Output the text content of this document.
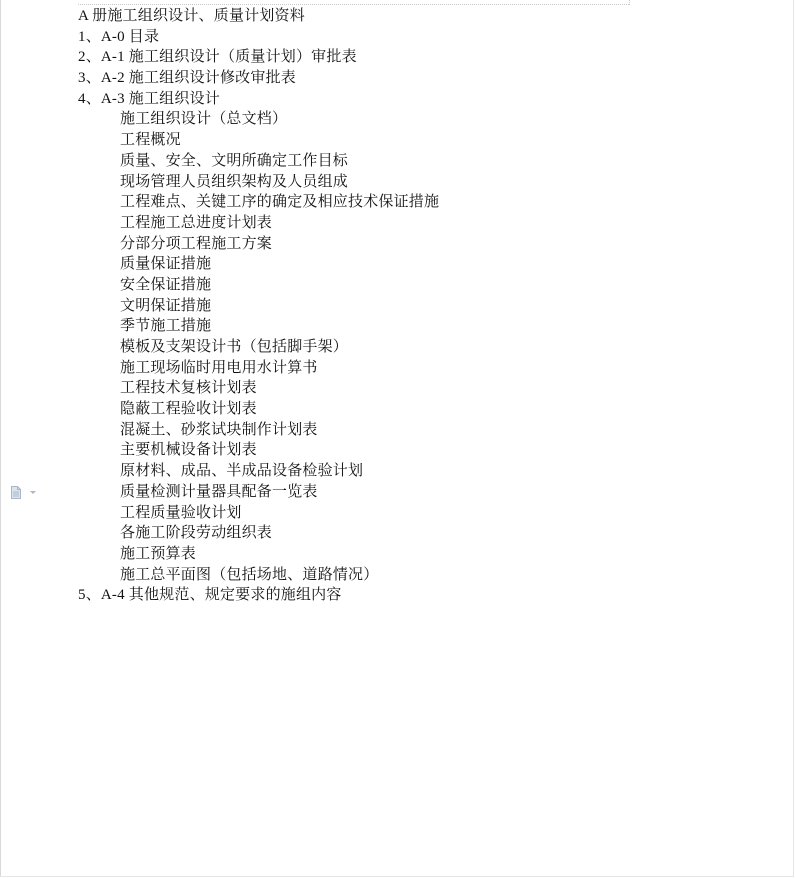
A 册施工组织设计、质量计划资料
1、A-0 目录
2、A-1 施工组织设计（质量计划）审批表
3、A-2 施工组织设计修改审批表
4、A-3 施工组织设计
施工组织设计（总文档）
工程概况
质量、安全、文明所确定工作目标
现场管理人员组织架构及人员组成
工程难点、关键工序的确定及相应技术保证措施
工程施工总进度计划表
分部分项工程施工方案
质量保证措施
安全保证措施
文明保证措施
季节施工措施
模板及支架设计书（包括脚手架）
施工现场临时用电用水计算书
工程技术复核计划表
隐蔽工程验收计划表
混凝土、砂浆试块制作计划表
主要机械设备计划表
原材料、成品、半成品设备检验计划
质量检测计量器具配备一览表
工程质量验收计划
各施工阶段劳动组织表
施工预算表
施工总平面图（包括场地、道路情况）
5、A-4 其他规范、规定要求的施组内容
